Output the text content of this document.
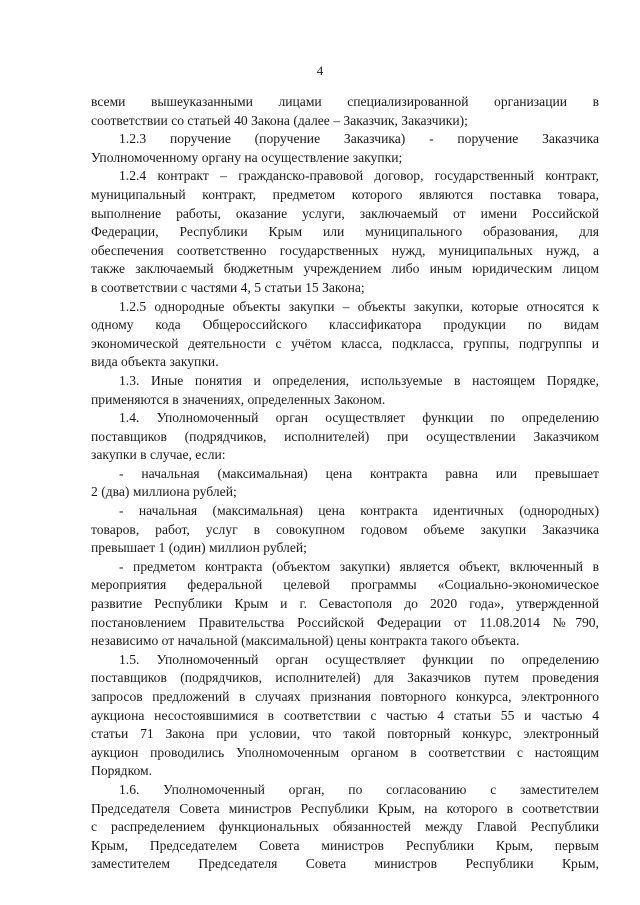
4
всеми вышеуказанными лицами специализированной организации в
соответствии со статьей 40 Закона (далее – Заказчик, Заказчики);
1.2.3 поручение (поручение Заказчика) - поручение Заказчика
Уполномоченному органу на осуществление закупки;
1.2.4 контракт – гражданско-правовой договор, государственный контракт,
муниципальный контракт, предметом которого являются поставка товара,
выполнение работы, оказание услуги, заключаемый от имени Российской
Федерации, Республики Крым или муниципального образования, для
обеспечения соответственно государственных нужд, муниципальных нужд, а
также заключаемый бюджетным учреждением либо иным юридическим лицом
в соответствии с частями 4, 5 статьи 15 Закона;
1.2.5 однородные объекты закупки – объекты закупки, которые относятся к
одному кода Общероссийского классификатора продукции по видам
экономической деятельности с учётом класса, подкласса, группы, подгруппы и
вида объекта закупки.
1.3. Иные понятия и определения, используемые в настоящем Порядке,
применяются в значениях, определенных Законом.
1.4. Уполномоченный орган осуществляет функции по определению
поставщиков (подрядчиков, исполнителей) при осуществлении Заказчиком
закупки в случае, если:
- начальная (максимальная) цена контракта равна или превышает
2 (два) миллиона рублей;
- начальная (максимальная) цена контракта идентичных (однородных)
товаров, работ, услуг в совокупном годовом объеме закупки Заказчика
превышает 1 (один) миллион рублей;
- предметом контракта (объектом закупки) является объект, включенный в
мероприятия федеральной целевой программы «Социально-экономическое
развитие Республики Крым и г. Севастополя до 2020 года», утвержденной
постановлением Правительства Российской Федерации от 11.08.2014 №790,
независимо от начальной (максимальной) цены контракта такого объекта.
1.5. Уполномоченный орган осуществляет функции по определению
поставщиков (подрядчиков, исполнителей) для Заказчиков путем проведения
запросов предложений в случаях признания повторного конкурса, электронного
аукциона несостоявшимися в соответствии с частью 4 статьи 55 и частью 4
статьи 71 Закона при условии, что такой повторный конкурс, электронный
аукцион проводились Уполномоченным органом в соответствии с настоящим
Порядком.
1.6. Уполномоченный орган, по согласованию с заместителем
Председателя Совета министров Республики Крым, на которого в соответствии
с распределением функциональных обязанностей между Главой Республики
Крым, Председателем Совета министров Республики Крым, первым
заместителем Председателя Совета министров Республики Крым,
